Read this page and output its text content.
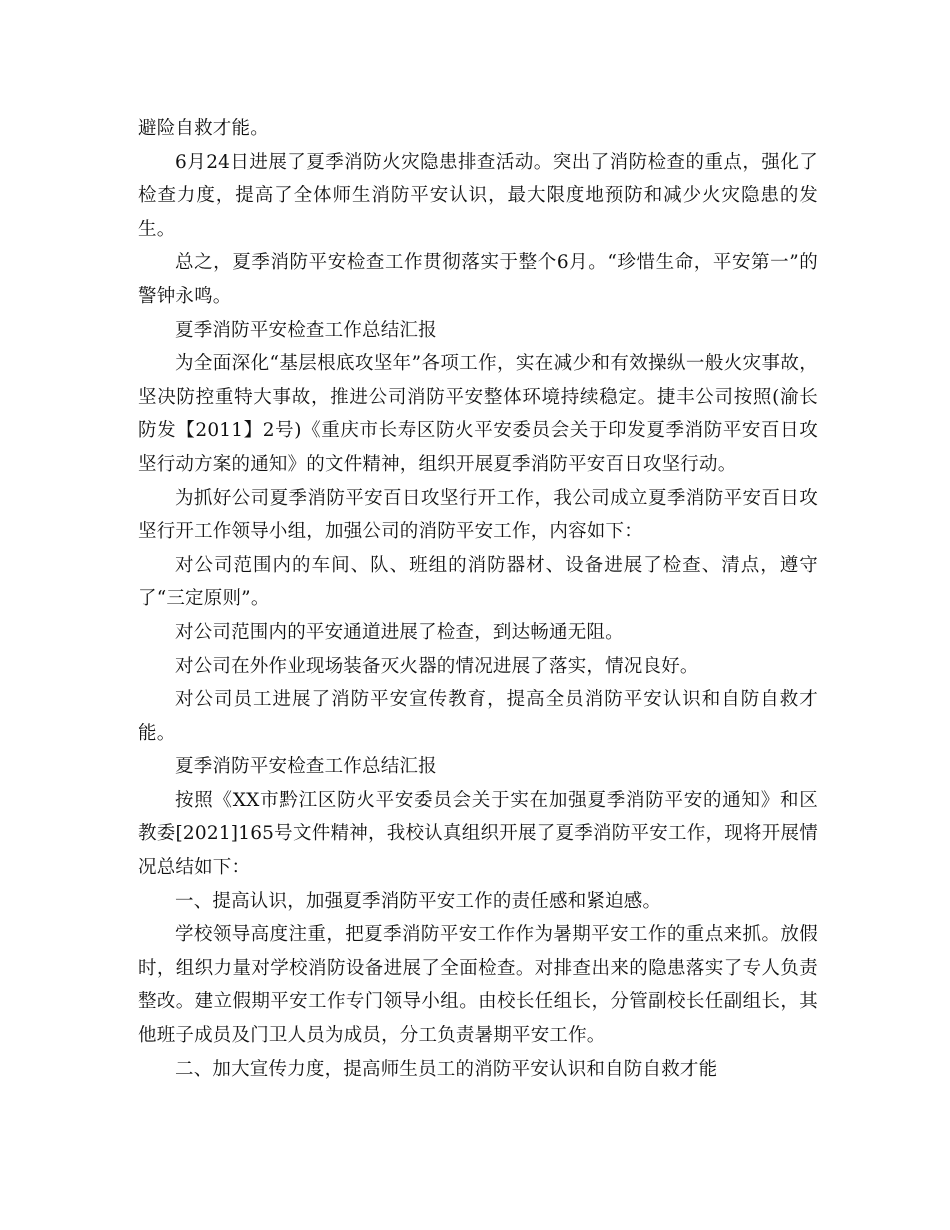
避险自救才能。

6月24日进展了夏季消防火灾隐患排查活动。突出了消防检查的重点，强化了检查力度，提高了全体师生消防平安认识，最大限度地预防和减少火灾隐患的发生。

总之，夏季消防平安检查工作贯彻落实于整个6月。“珍惜生命，平安第一”的警钟永鸣。

夏季消防平安检查工作总结汇报

为全面深化“基层根底攻坚年”各项工作，实在减少和有效操纵一般火灾事故，坚决防控重特大事故，推进公司消防平安整体环境持续稳定。捷丰公司按照(渝长防发【2011】2号)《重庆市长寿区防火平安委员会关于印发夏季消防平安百日攻坚行动方案的通知》的文件精神，组织开展夏季消防平安百日攻坚行动。

为抓好公司夏季消防平安百日攻坚行开工作，我公司成立夏季消防平安百日攻坚行开工作领导小组，加强公司的消防平安工作，内容如下：

对公司范围内的车间、队、班组的消防器材、设备进展了检查、清点，遵守了“三定原则”。

对公司范围内的平安通道进展了检查，到达畅通无阻。

对公司在外作业现场装备灭火器的情况进展了落实，情况良好。

对公司员工进展了消防平安宣传教育，提高全员消防平安认识和自防自救才能。

夏季消防平安检查工作总结汇报

按照《XX市黔江区防火平安委员会关于实在加强夏季消防平安的通知》和区教委[2021]165号文件精神，我校认真组织开展了夏季消防平安工作，现将开展情况总结如下：

一、提高认识，加强夏季消防平安工作的责任感和紧迫感。

学校领导高度注重，把夏季消防平安工作作为暑期平安工作的重点来抓。放假时，组织力量对学校消防设备进展了全面检查。对排查出来的隐患落实了专人负责整改。建立假期平安工作专门领导小组。由校长任组长，分管副校长任副组长，其他班子成员及门卫人员为成员，分工负责暑期平安工作。

二、加大宣传力度，提高师生员工的消防平安认识和自防自救才能
